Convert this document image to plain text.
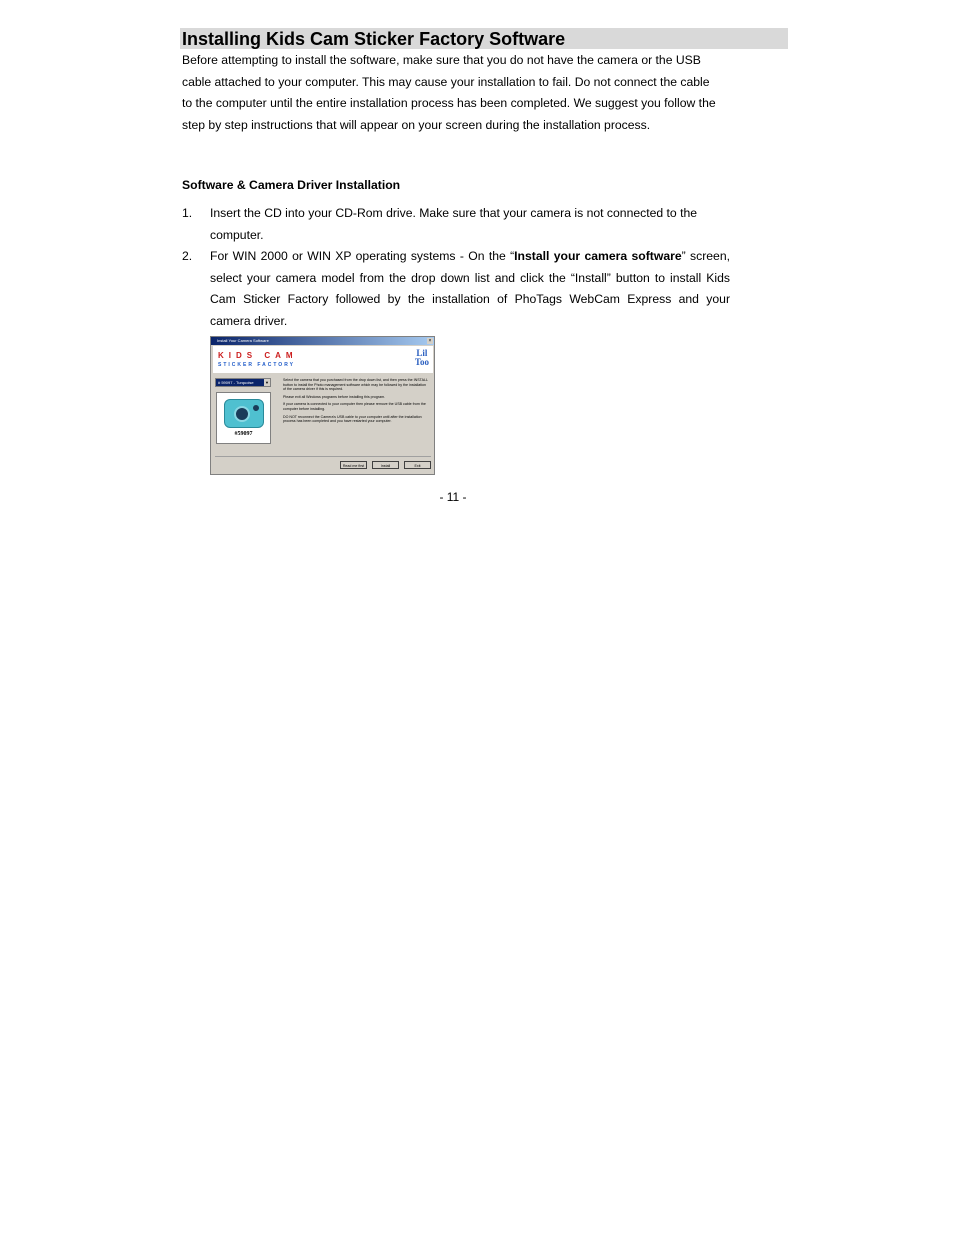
Installing Kids Cam Sticker Factory Software
Before attempting to install the software, make sure that you do not have the camera or the USB
cable attached to your computer. This may cause your installation to fail. Do not connect the cable
to the computer until the entire installation process has been completed. We suggest you follow the
step by step instructions that will appear on your screen during the installation process.
Software & Camera Driver Installation
1. Insert the CD into your CD-Rom drive. Make sure that your camera is not connected to the
computer.
2. For WIN 2000 or WIN XP operating systems - On the “Install your camera software” screen,
select your camera model from the drop down list and click the “Install” button to install Kids
Cam Sticker Factory followed by the installation of PhoTags WebCam Express and your
camera driver.
Install Your Camera Software	×
KIDS CAM
STICKER FACTORY
Lil
Too
# 59097 - Turquoise	▼
#59097

Select the camera that you purchased from the drop down list, and then press the INSTALL button to install the Photo management software which may be followed by the installation of the camera driver if this is required.

Please exit all Windows programs before installing this program.

If your camera is connected to your computer then please remove the USB cable from the computer before installing.

DO NOT reconnect the Camera's USB cable to your computer until after the installation process has been completed and you have restarted your computer.

Read me first	Install	Exit
- 11 -
